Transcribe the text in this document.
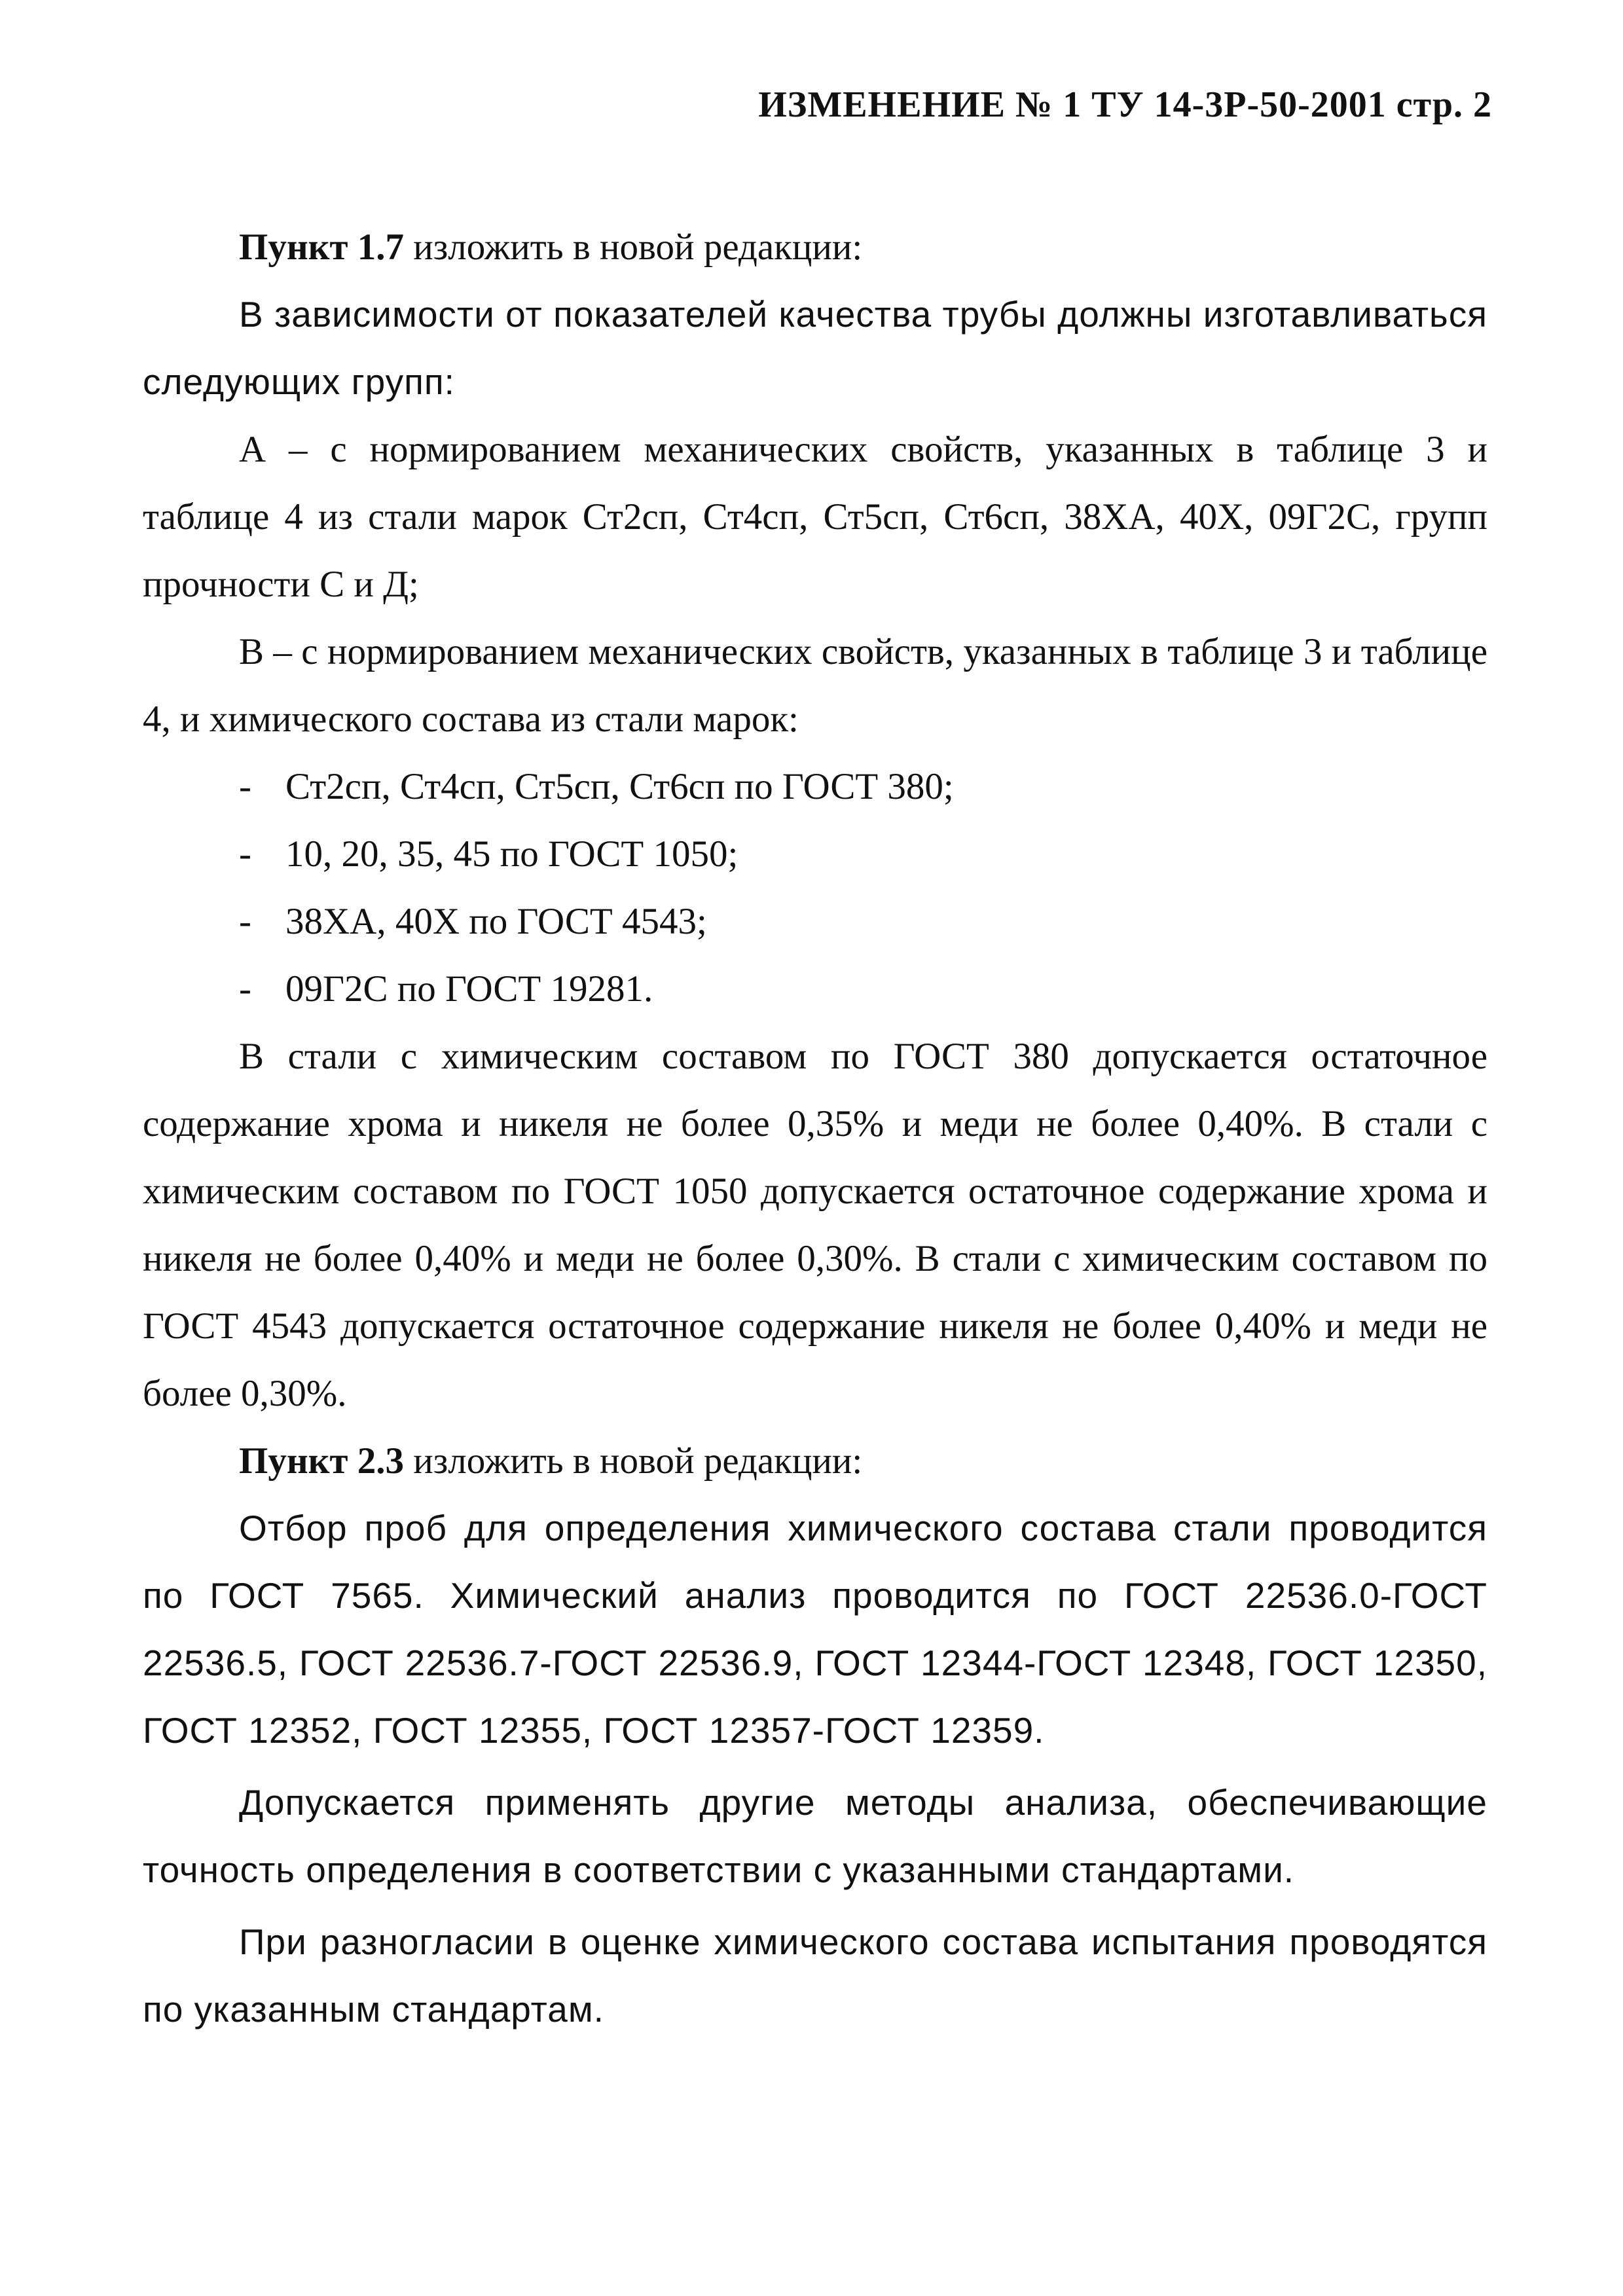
ИЗМЕНЕНИЕ № 1 ТУ 14-3Р-50-2001 стр. 2

Пункт 1.7 изложить в новой редакции:

В зависимости от показателей качества трубы должны изготавливаться следующих групп:

А – с нормированием механических свойств, указанных в таблице 3 и таблице 4 из стали марок Ст2сп, Ст4сп, Ст5сп, Ст6сп, 38ХА, 40Х, 09Г2С, групп прочности С и Д;

В – с нормированием механических свойств, указанных в таблице 3 и таблице 4, и химического состава из стали марок:

- Ст2сп, Ст4сп, Ст5сп, Ст6сп по ГОСТ 380;
- 10, 20, 35, 45 по ГОСТ 1050;
- 38ХА, 40Х по ГОСТ 4543;
- 09Г2С по ГОСТ 19281.

В стали с химическим составом по ГОСТ 380 допускается остаточное содержание хрома и никеля не более 0,35% и меди не более 0,40%. В стали с химическим составом по ГОСТ 1050 допускается остаточное содержание хрома и никеля не более 0,40% и меди не более 0,30%. В стали с химическим составом по ГОСТ 4543 допускается остаточное содержание никеля не более 0,40% и меди не более 0,30%.

Пункт 2.3 изложить в новой редакции:

Отбор проб для определения химического состава стали проводится по ГОСТ 7565. Химический анализ проводится по ГОСТ 22536.0-ГОСТ 22536.5, ГОСТ 22536.7-ГОСТ 22536.9, ГОСТ 12344-ГОСТ 12348, ГОСТ 12350, ГОСТ 12352, ГОСТ 12355, ГОСТ 12357-ГОСТ 12359.

Допускается применять другие методы анализа, обеспечивающие точность определения в соответствии с указанными стандартами.

При разногласии в оценке химического состава испытания проводятся по указанным стандартам.
